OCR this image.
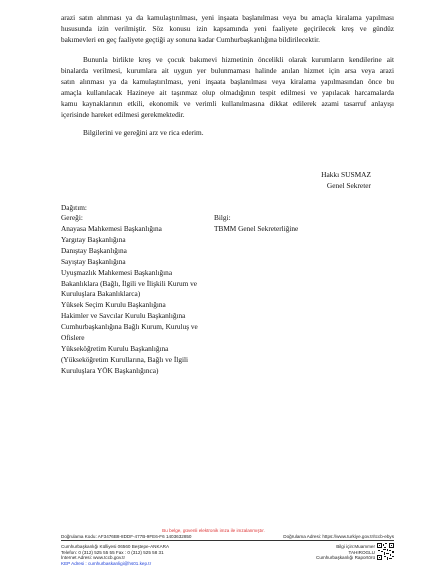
arazi satın alınması ya da kamulaştırılması, yeni inşaata başlanılması veya bu amaçla kiralama yapılması
hususunda izin verilmiştir. Söz konusu izin kapsamında yeni faaliyete geçirilecek kreş ve gündüz
bakımevleri en geç faaliyete geçtiği ay sonuna kadar Cumhurbaşkanlığına bildirilecektir.
Bununla birlikte kreş ve çocuk bakımevi hizmetinin öncelikli olarak kurumların kendilerine ait
binalarda verilmesi, kurumlara ait uygun yer bulunmaması halinde anılan hizmet için arsa veya arazi
satın alınması ya da kamulaştırılması, yeni inşaata başlanılması veya kiralama yapılmasından önce bu
amaçla kullanılacak Hazineye ait taşınmaz olup olmadığının tespit edilmesi ve yapılacak harcamalarda
kamu kaynaklarının etkili, ekonomik ve verimli kullanılmasına dikkat edilerek azami tasarruf anlayışı
içerisinde hareket edilmesi gerekmektedir.
Bilgilerini ve gereğini arz ve rica ederim.
Hakkı SUSMAZ
Genel Sekreter
Dağıtım:
Gereği:	Bilgi:
TBMM Genel Sekreterliğine
Anayasa Mahkemesi Başkanlığına
Yargıtay Başkanlığına
Danıştay Başkanlığına
Sayıştay Başkanlığına
Uyuşmazlık Mahkemesi Başkanlığına
Bakanlıklara (Bağlı, İlgili ve İlişkili Kurum ve
Kuruluşlara Bakanlıklarca)
Yüksek Seçim Kurulu Başkanlığına
Hakimler ve Savcılar Kurulu Başkanlığına
Cumhurbaşkanlığına Bağlı Kurum, Kuruluş ve
Ofislere
Yükseköğretim Kurulu Başkanlığına
(Yükseköğretim Kurullarına, Bağlı ve İlgili
Kuruluşlara YÖK Başkanlığınca)
Bu belge, güvenli elektronik imza ile imzalanmıştır.
Doğrulama Kodu: AF3476B8-8DDF-477B-9FE6-F6 1403632850	Doğrulama Adresi: https://www.turkiye.gov.tr/tccb-ebys
Cumhurbaşkanlığı Külliyesi 06560 Beştepe-ANKARA
Telefon: 0 (312) 525 55 55 Fax : 0 (312) 525 58 31
İnternet Adresi: www.tccb.gov.tr
KEP Adresi : cumhurbaskanligi@hs01.kep.tr
Bilgi için:Muammer
TAHIROGLU
Cumhurbaşkanlığı Raportörü
